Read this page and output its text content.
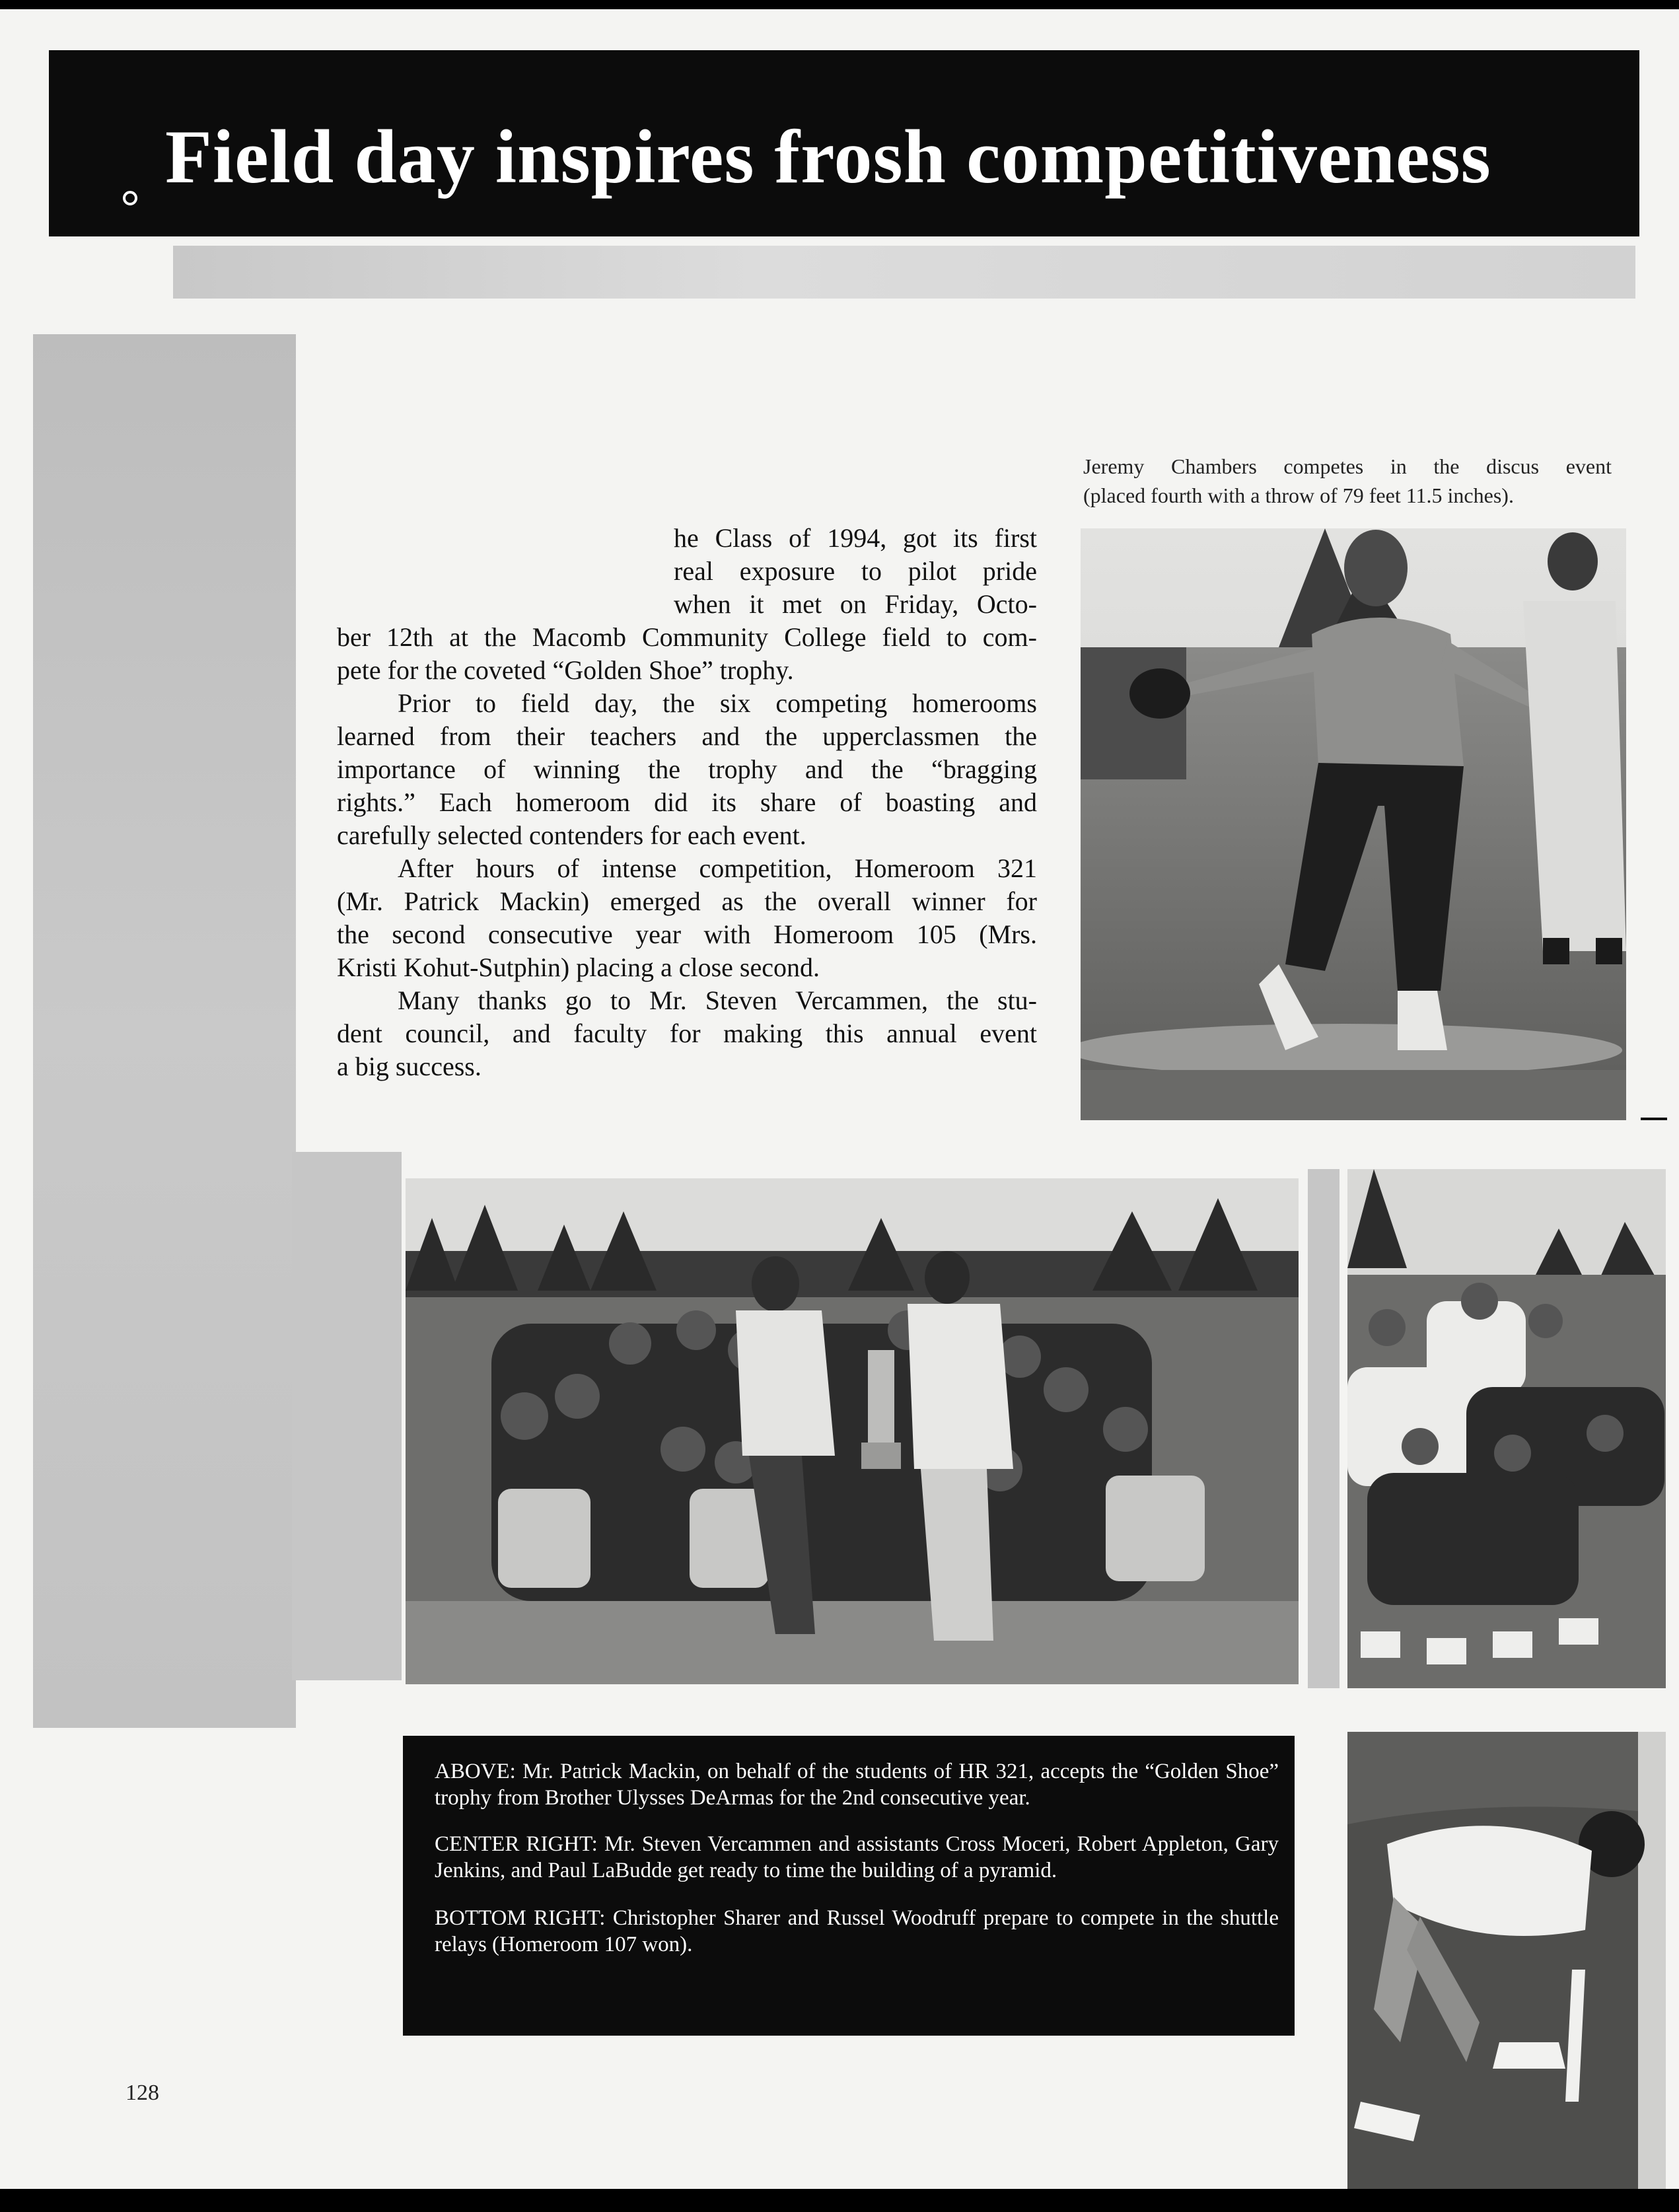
Field day inspires frosh competitiveness
Jeremy Chambers competes in the discus event
(placed fourth with a throw of 79 feet 11.5 inches).
he Class of 1994, got its first
real exposure to pilot pride
when it met on Friday, Octo-
ber 12th at the Macomb Community College field to com-
pete for the coveted “Golden Shoe” trophy.
Prior to field day, the six competing homerooms
learned from their teachers and the upperclassmen the
importance of winning the trophy and the “bragging
rights.” Each homeroom did its share of boasting and
carefully selected contenders for each event.
After hours of intense competition, Homeroom 321
(Mr. Patrick Mackin) emerged as the overall winner for
the second consecutive year with Homeroom 105 (Mrs.
Kristi Kohut-Sutphin) placing a close second.
Many thanks go to Mr. Steven Vercammen, the stu-
dent council, and faculty for making this annual event
a big success.

ABOVE: Mr. Patrick Mackin, on behalf of the students of HR 321, accepts the “Golden Shoe” trophy from Brother Ulysses DeArmas for the 2nd consecutive year.

CENTER RIGHT: Mr. Steven Vercammen and assistants Cross Moceri, Robert Appleton, Gary Jenkins, and Paul LaBudde get ready to time the building of a pyramid.

BOTTOM RIGHT: Christopher Sharer and Russel Woodruff prepare to compete in the shuttle relays (Homeroom 107 won).

128
